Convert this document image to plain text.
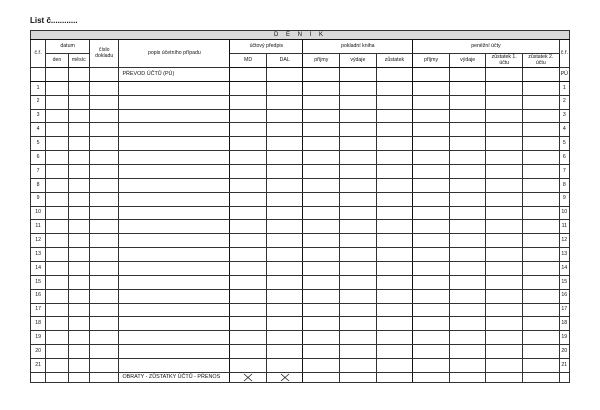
List č............
D E N Í K														
č.ř.	datum		číslo dokladu	popis účetního případu	účtový předpis		pokladní kniha			peněžní účty				č.ř.
	den	měsíc			MD	DAL	příjmy	výdaje	zůstatek	příjmy	výdaje	zůstatek 1. účtu	zůstatek 2. účtu	
				PŘEVOD ÚČTŮ (PÚ)										PÚ
1														1
2														2
3														3
4														4
5														5
6														6
7														7
8														8
9														9
10														10
11														11
12														12
13														13
14														14
15														15
16														16
17														17
18														18
19														19
20														20
21														21
				OBRATY - ZŮSTATKY ÚČTŮ - PŘENOS	
